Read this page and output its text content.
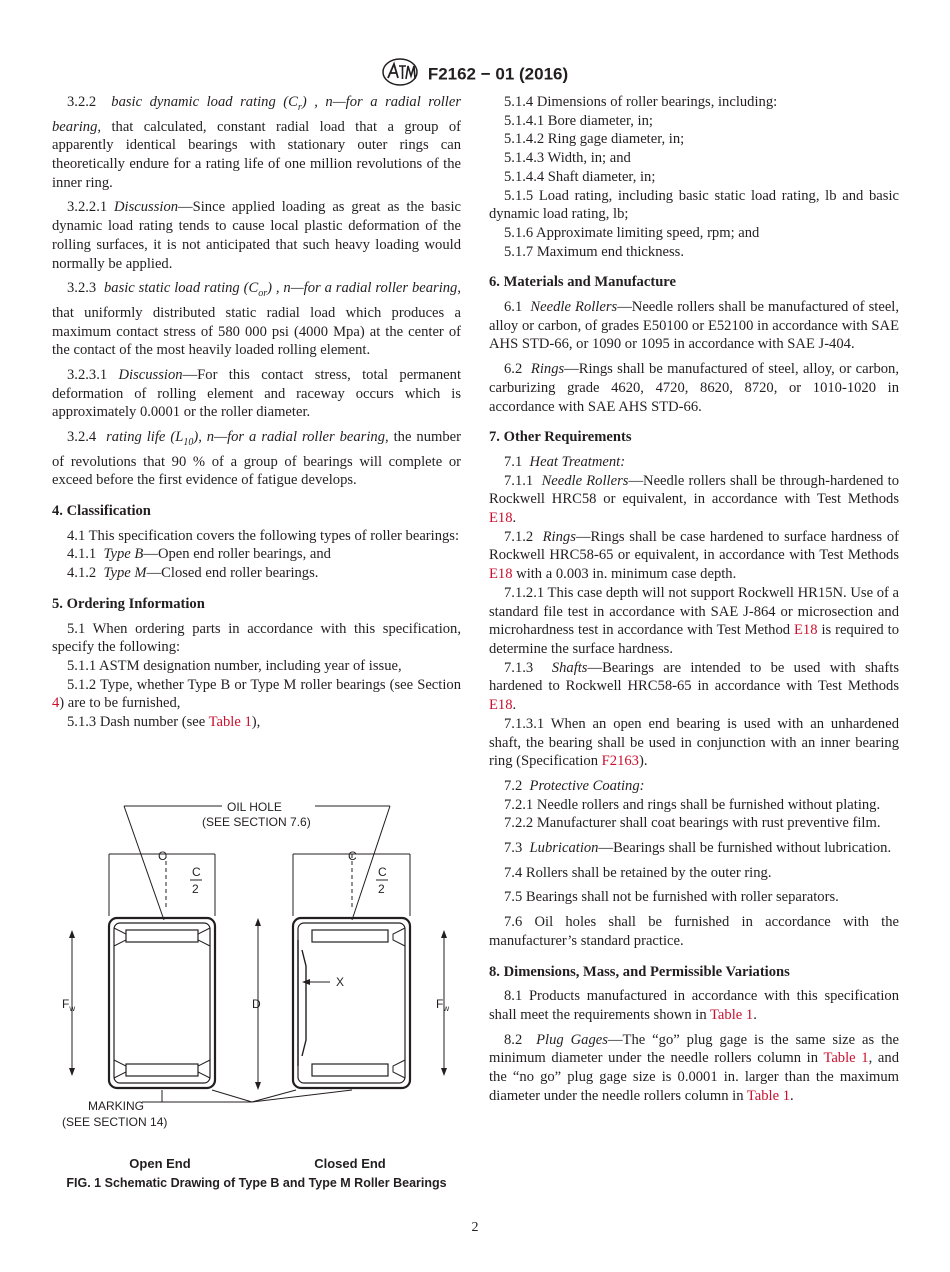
F2162 − 01 (2016)

3.2.2 basic dynamic load rating $(C_r)$ , n—for a radial roller bearing, that calculated, constant radial load that a group of apparently identical bearings with stationary outer rings can theoretically endure for a rating life of one million revolutions of the inner ring.

3.2.2.1 Discussion—Since applied loading as great as the basic dynamic load rating tends to cause local plastic deformation of the rolling surfaces, it is not anticipated that such heavy loading would normally be applied.

3.2.3 basic static load rating $(C_{or})$ , n—for a radial roller bearing, that uniformly distributed static radial load which produces a maximum contact stress of 580 000 psi (4000 Mpa) at the center of the contact of the most heavily loaded rolling element.

3.2.3.1 Discussion—For this contact stress, total permanent deformation of rolling element and raceway occurs which is approximately 0.0001 or the roller diameter.

3.2.4 rating life $(L_{10})$, n—for a radial roller bearing, the number of revolutions that 90 % of a group of bearings will complete or exceed before the first evidence of fatigue develops.

4. Classification

4.1 This specification covers the following types of roller bearings:

4.1.1 Type B—Open end roller bearings, and

4.1.2 Type M—Closed end roller bearings.

5. Ordering Information

5.1 When ordering parts in accordance with this specification, specify the following:

5.1.1 ASTM designation number, including year of issue,

5.1.2 Type, whether Type B or Type M roller bearings (see Section 4) are to be furnished,

5.1.3 Dash number (see Table 1),

OIL HOLE
(SEE SECTION 7.6)
C
C
2
$F_w$	D
C
C
2
X
$F_w$
MARKING
(SEE SECTION 14)
Open End	Closed End
FIG. 1 Schematic Drawing of Type B and Type M Roller Bearings

5.1.4 Dimensions of roller bearings, including:

5.1.4.1 Bore diameter, in;

5.1.4.2 Ring gage diameter, in;

5.1.4.3 Width, in; and

5.1.4.4 Shaft diameter, in;

5.1.5 Load rating, including basic static load rating, lb and basic dynamic load rating, lb;

5.1.6 Approximate limiting speed, rpm; and

5.1.7 Maximum end thickness.

6. Materials and Manufacture

6.1 Needle Rollers—Needle rollers shall be manufactured of steel, alloy or carbon, of grades E50100 or E52100 in accordance with SAE AHS STD-66, or 1090 or 1095 in accordance with SAE J-404.

6.2 Rings—Rings shall be manufactured of steel, alloy, or carbon, carburizing grade 4620, 4720, 8620, 8720, or 1010-1020 in accordance with SAE AHS STD-66.

7. Other Requirements

7.1 Heat Treatment:

7.1.1 Needle Rollers—Needle rollers shall be through-hardened to Rockwell HRC58 or equivalent, in accordance with Test Methods E18.

7.1.2 Rings—Rings shall be case hardened to surface hardness of Rockwell HRC58-65 or equivalent, in accordance with Test Methods E18 with a 0.003 in. minimum case depth.

7.1.2.1 This case depth will not support Rockwell HR15N. Use of a standard file test in accordance with SAE J-864 or microsection and microhardness test in accordance with Test Method E18 is required to determine the surface hardness.

7.1.3 Shafts—Bearings are intended to be used with shafts hardened to Rockwell HRC58-65 in accordance with Test Methods E18.

7.1.3.1 When an open end bearing is used with an unhardened shaft, the bearing shall be used in conjunction with an inner bearing ring (Specification F2163).

7.2 Protective Coating:

7.2.1 Needle rollers and rings shall be furnished without plating.

7.2.2 Manufacturer shall coat bearings with rust preventive film.

7.3 Lubrication—Bearings shall be furnished without lubrication.

7.4 Rollers shall be retained by the outer ring.

7.5 Bearings shall not be furnished with roller separators.

7.6 Oil holes shall be furnished in accordance with the manufacturer’s standard practice.

8. Dimensions, Mass, and Permissible Variations

8.1 Products manufactured in accordance with this specification shall meet the requirements shown in Table 1.

8.2 Plug Gages—The “go” plug gage is the same size as the minimum diameter under the needle rollers column in Table 1, and the “no go” plug gage size is 0.0001 in. larger than the maximum diameter under the needle rollers column in Table 1.

2
